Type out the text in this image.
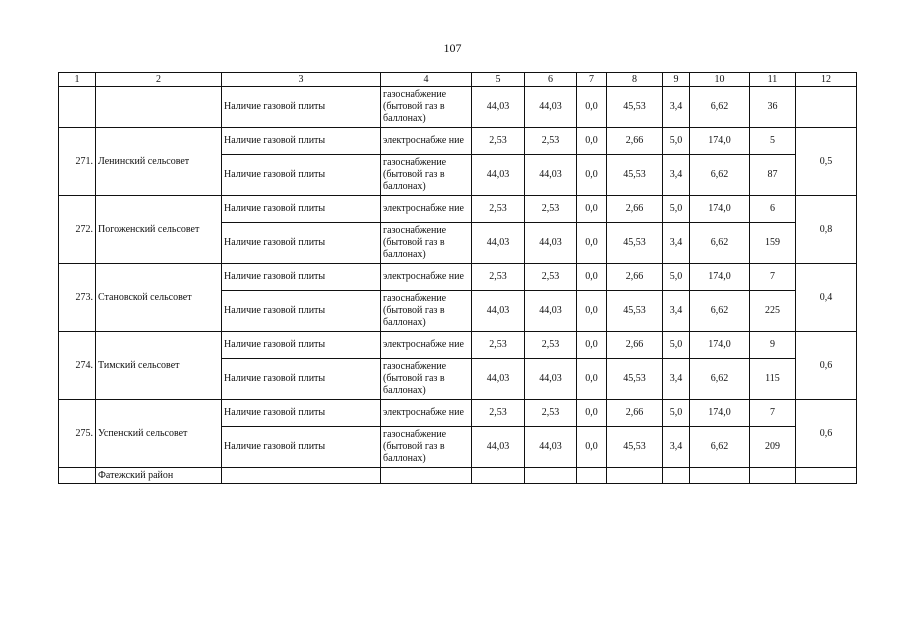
107
1	2	3	4	5	6	7	8	9	10	11	12
		Наличие газовой плиты	газоснабжение (бытовой газ в баллонах)	44,03	44,03	0,0	45,53	3,4	6,62	36	
271.	Ленинский сельсовет	Наличие газовой плиты	электроснабже ние	2,53	2,53	0,0	2,66	5,0	174,0	5	0,5
		Наличие газовой плиты	газоснабжение (бытовой газ в баллонах)	44,03	44,03	0,0	45,53	3,4	6,62	87	
272.	Погоженский сельсовет	Наличие газовой плиты	электроснабже ние	2,53	2,53	0,0	2,66	5,0	174,0	6	0,8
		Наличие газовой плиты	газоснабжение (бытовой газ в баллонах)	44,03	44,03	0,0	45,53	3,4	6,62	159	
273.	Становской сельсовет	Наличие газовой плиты	электроснабже ние	2,53	2,53	0,0	2,66	5,0	174,0	7	0,4
		Наличие газовой плиты	газоснабжение (бытовой газ в баллонах)	44,03	44,03	0,0	45,53	3,4	6,62	225	
274.	Тимский сельсовет	Наличие газовой плиты	электроснабже ние	2,53	2,53	0,0	2,66	5,0	174,0	9	0,6
		Наличие газовой плиты	газоснабжение (бытовой газ в баллонах)	44,03	44,03	0,0	45,53	3,4	6,62	115	
275.	Успенский сельсовет	Наличие газовой плиты	электроснабже ние	2,53	2,53	0,0	2,66	5,0	174,0	7	0,6
		Наличие газовой плиты	газоснабжение (бытовой газ в баллонах)	44,03	44,03	0,0	45,53	3,4	6,62	209	
	Фатежский район										
